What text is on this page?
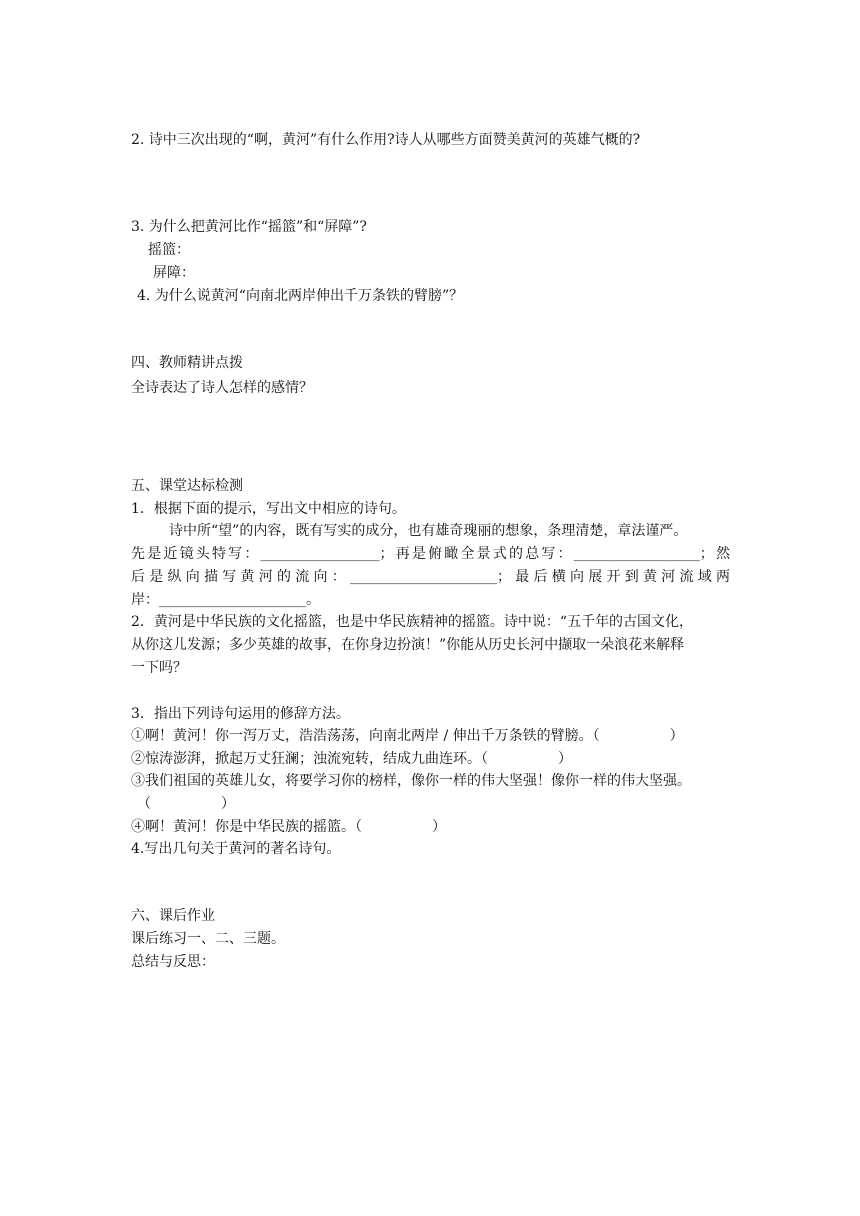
2. 诗中三次出现的“啊，黄河”有什么作用?诗人从哪些方面赞美黄河的英雄气概的?
3. 为什么把黄河比作“摇篮”和“屏障”?
摇篮：
屏障：
4. 为什么说黄河“向南北两岸伸出千万条铁的臂膀”？
四、教师精讲点拨
全诗表达了诗人怎样的感情？
五、课堂达标检测
1．根据下面的提示，写出文中相应的诗句。
诗中所“望”的内容，既有写实的成分，也有雄奇瑰丽的想象，条理清楚，章法谨严。
先是近镜头特写：_________________；再是俯瞰全景式的总写：__________________；然
后是纵向描写黄河的流向：_____________________；最后横向展开到黄河流域两
岸：_____________________。
2．黄河是中华民族的文化摇篮，也是中华民族精神的摇篮。诗中说：“五千年的古国文化，
从你这儿发源；多少英雄的故事，在你身边扮演！”你能从历史长河中撷取一朵浪花来解释
一下吗？
3．指出下列诗句运用的修辞方法。
①啊！黄河！你一泻万丈，浩浩荡荡，向南北两岸 / 伸出千万条铁的臂膀。（　　　　　）
②惊涛澎湃，掀起万丈狂澜；浊流宛转，结成九曲连环。（　　　　　）
③我们祖国的英雄儿女，将要学习你的榜样，像你一样的伟大坚强！像你一样的伟大坚强。
（　　　　　）
④啊！黄河！你是中华民族的摇篮。（　　　　　）
4.写出几句关于黄河的著名诗句。
六、课后作业
课后练习一、二、三题。
总结与反思：
